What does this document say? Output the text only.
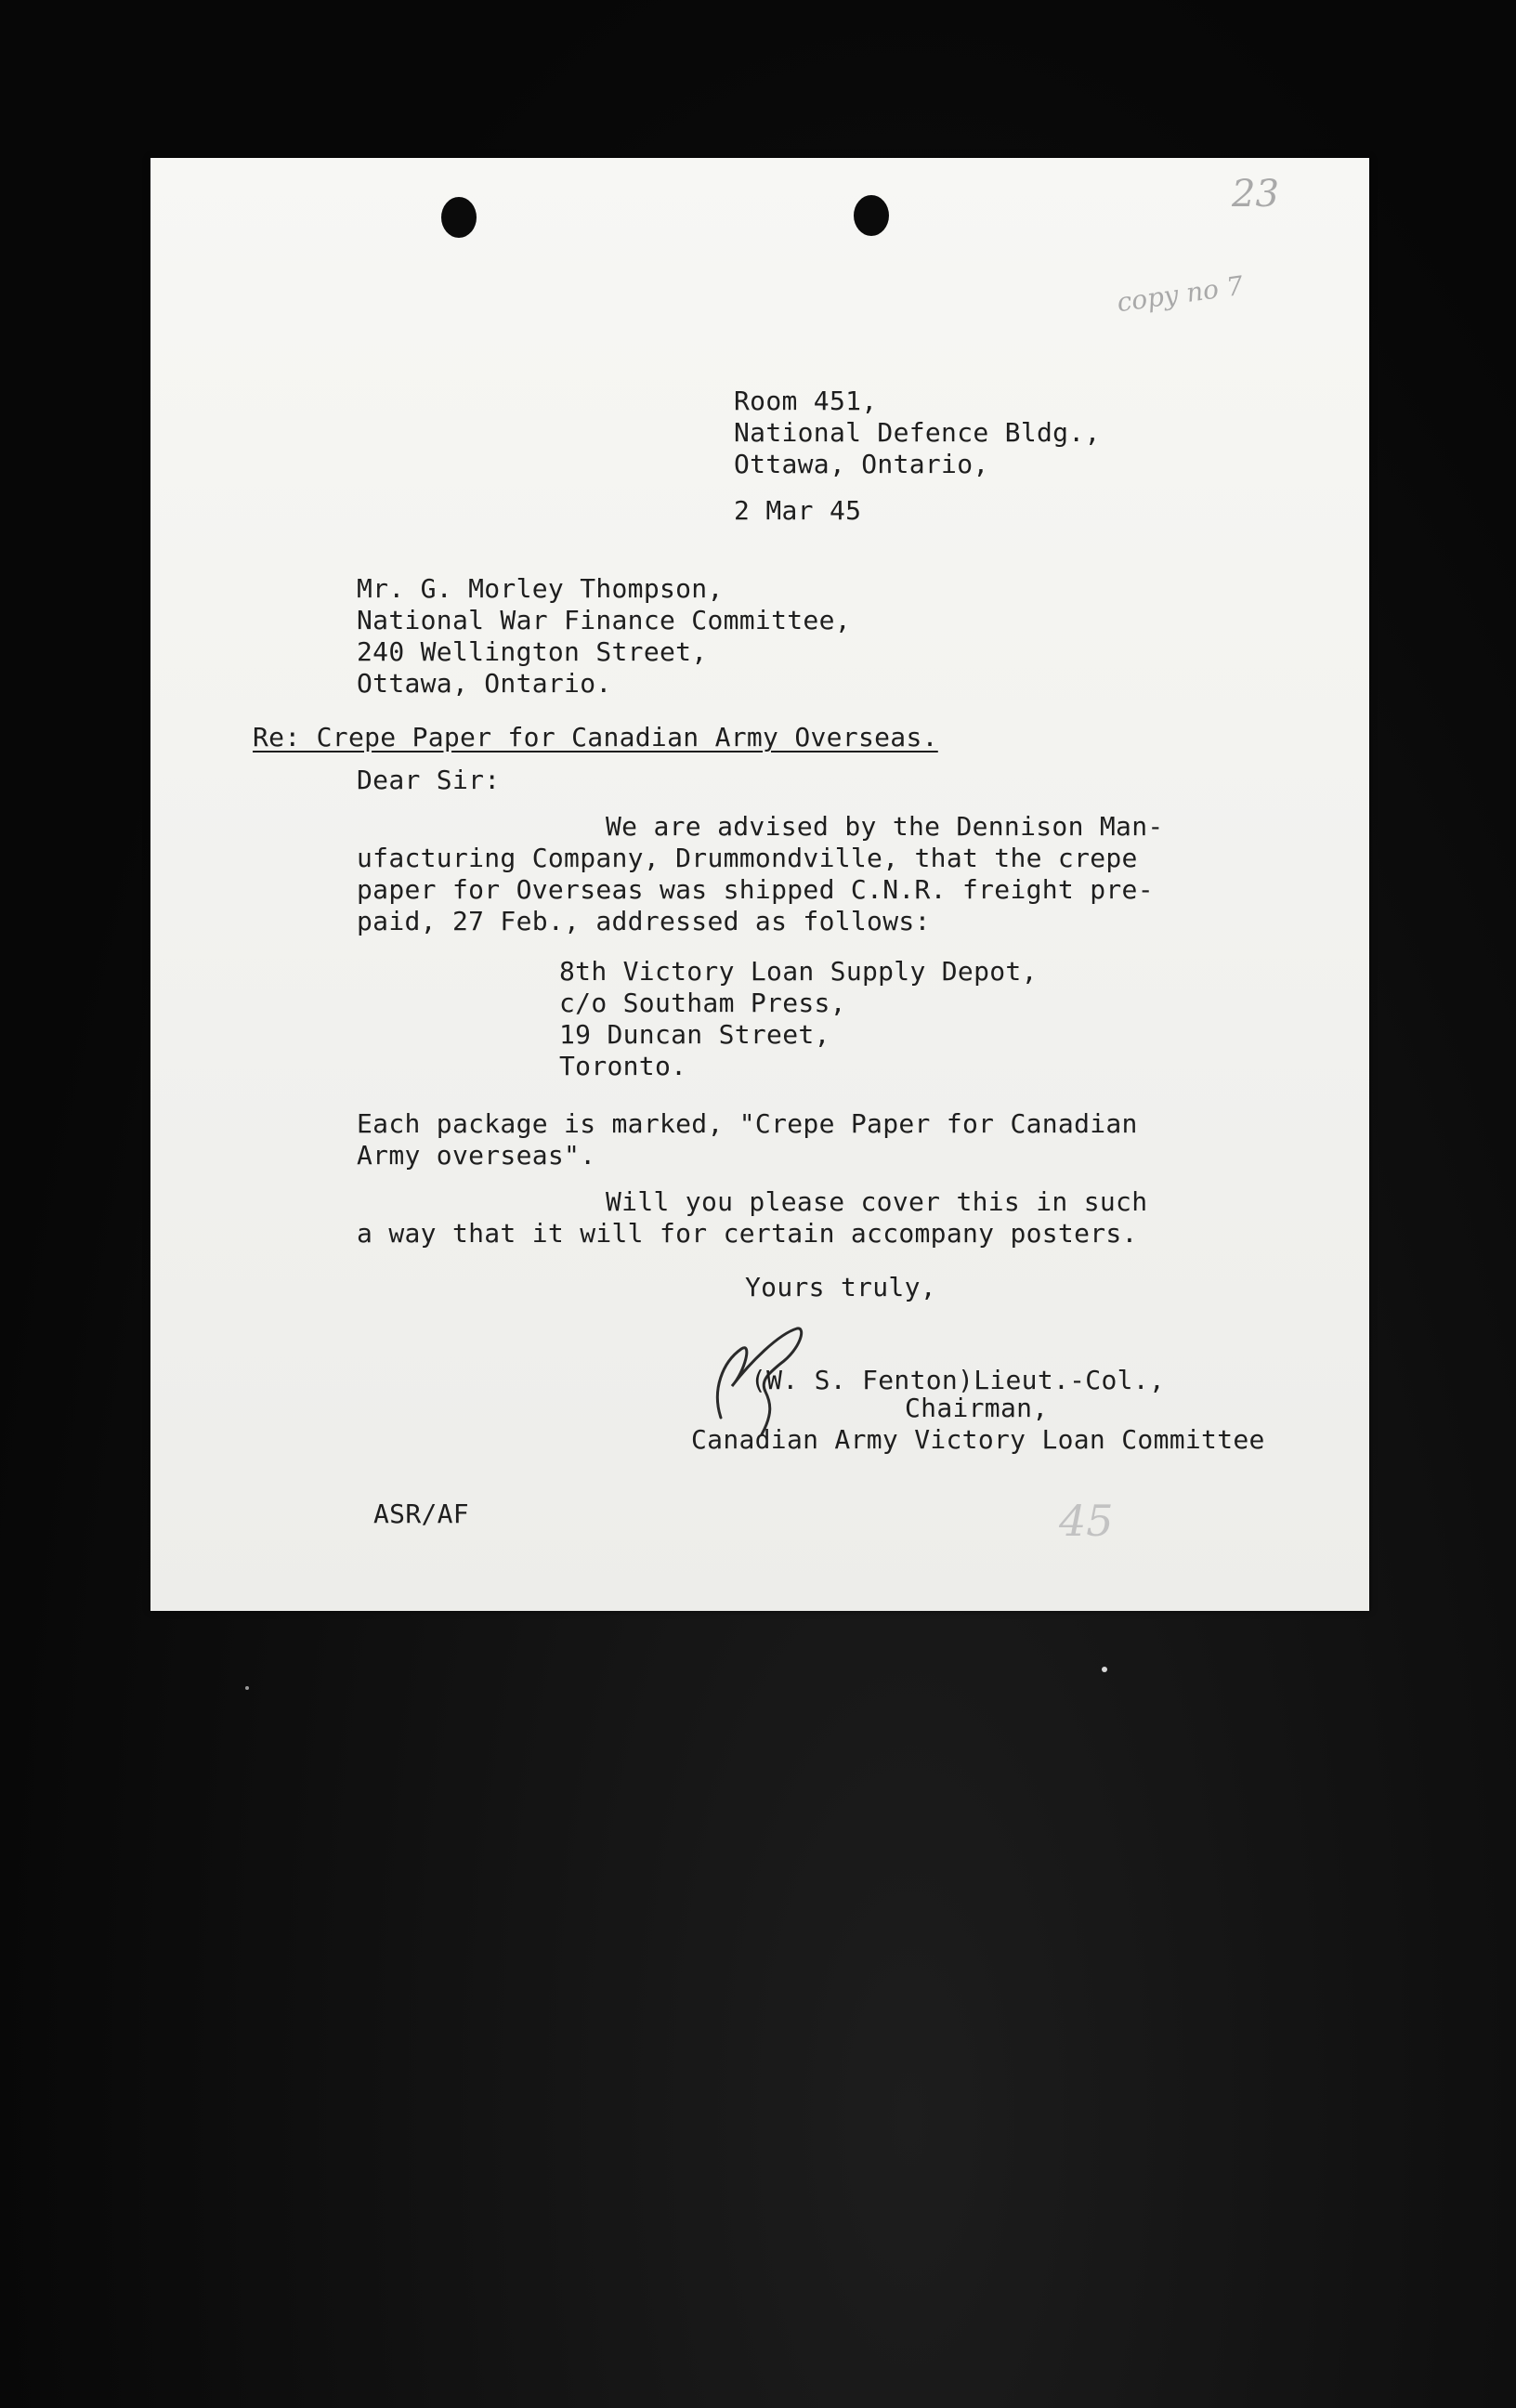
23
copy no 7
Room 451,
National Defence Bldg.,
Ottawa, Ontario,
2 Mar 45
Mr. G. Morley Thompson,
National War Finance Committee,
240 Wellington Street,
Ottawa, Ontario.
Re: Crepe Paper for Canadian Army Overseas.
Dear Sir:
We are advised by the Dennison Man-
ufacturing Company, Drummondville, that the crepe
paper for Overseas was shipped C.N.R. freight pre-
paid, 27 Feb., addressed as follows:
8th Victory Loan Supply Depot,
c/o Southam Press,
19 Duncan Street,
Toronto.
Each package is marked, "Crepe Paper for Canadian
Army overseas".
Will you please cover this in such
a way that it will for certain accompany posters.
Yours truly,
(W. S. Fenton)Lieut.-Col.,
Chairman,
Canadian Army Victory Loan Committee
ASR/AF	45
